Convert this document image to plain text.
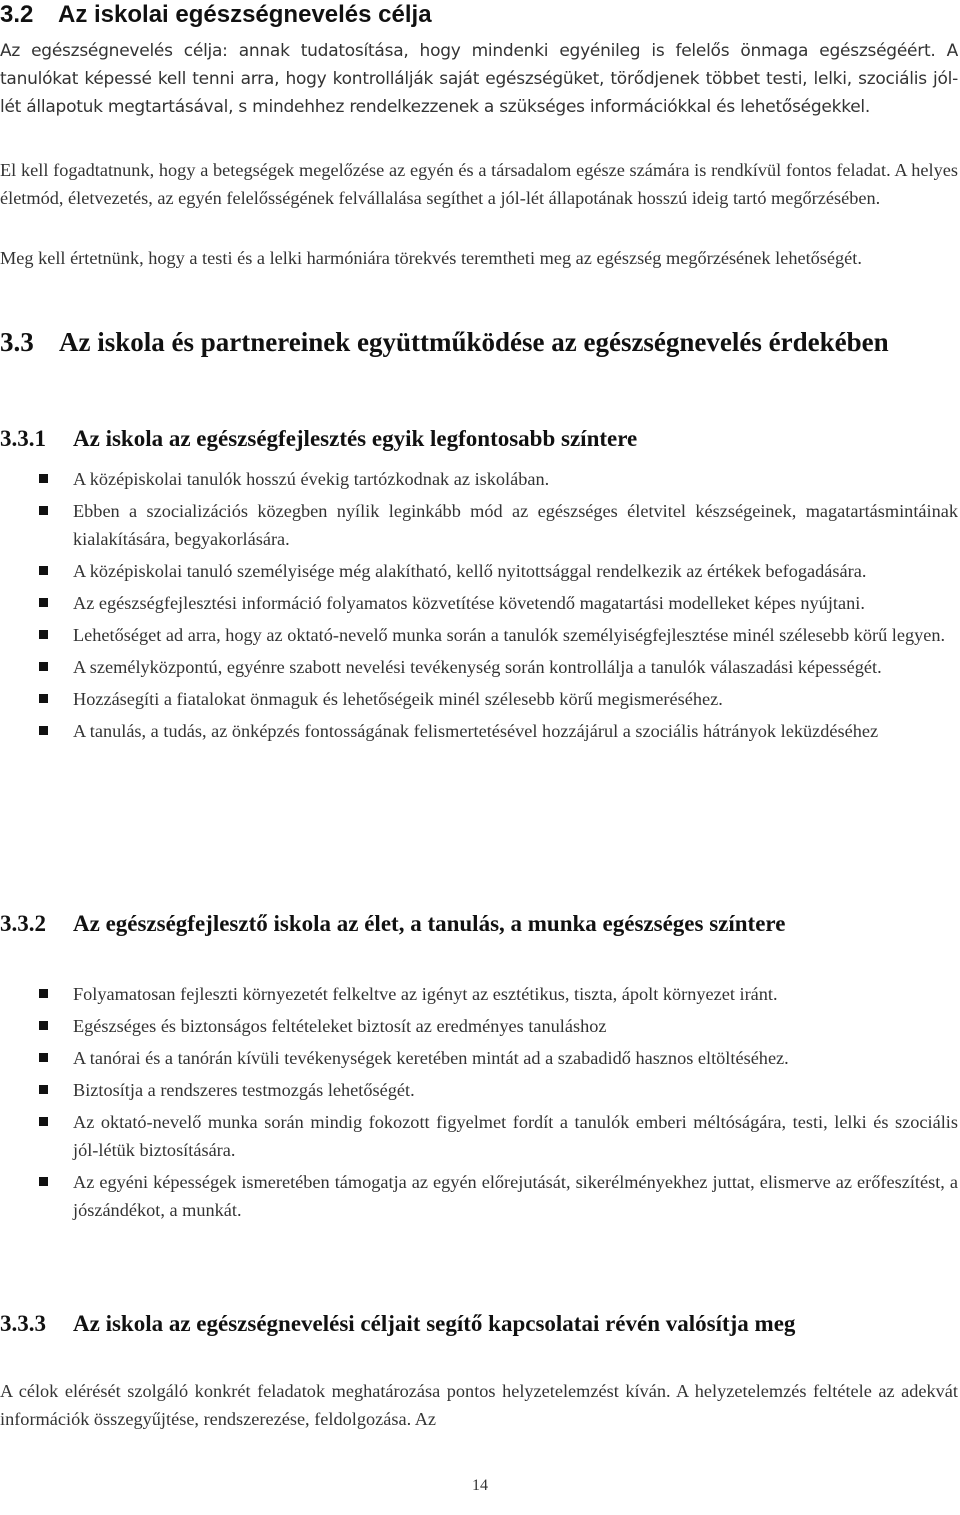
3.2 Az iskolai egészségnevelés célja

Az egészségnevelés célja: annak tudatosítása, hogy mindenki egyénileg is felelős önmaga egészségéért. A tanulókat képessé kell tenni arra, hogy kontrollálják saját egészségüket, törődjenek többet testi, lelki, szociális jól-lét állapotuk megtartásával, s mindehhez rendelkezzenek a szükséges információkkal és lehetőségekkel.

El kell fogadtatnunk, hogy a betegségek megelőzése az egyén és a társadalom egésze számára is rendkívül fontos feladat. A helyes életmód, életvezetés, az egyén felelősségének felvállalása segíthet a jól-lét állapotának hosszú ideig tartó megőrzésében.

Meg kell értetnünk, hogy a testi és a lelki harmóniára törekvés teremtheti meg az egészség megőrzésének lehetőségét.

3.3 Az iskola és partnereinek együttműködése az egészségnevelés érdekében
3.3.1 Az iskola az egészségfejlesztés egyik legfontosabb színtere
A középiskolai tanulók hosszú évekig tartózkodnak az iskolában.
Ebben a szocializációs közegben nyílik leginkább mód az egészséges életvitel készségeinek, magatartásmintáinak kialakítására, begyakorlására.
A középiskolai tanuló személyisége még alakítható, kellő nyitottsággal rendelkezik az értékek befogadására.
Az egészségfejlesztési információ folyamatos közvetítése követendő magatartási modelleket képes nyújtani.
Lehetőséget ad arra, hogy az oktató-nevelő munka során a tanulók személyiségfejlesztése minél szélesebb körű legyen.
A személyközpontú, egyénre szabott nevelési tevékenység során kontrollálja a tanulók válaszadási képességét.
Hozzásegíti a fiatalokat önmaguk és lehetőségeik minél szélesebb körű megismeréséhez.
A tanulás, a tudás, az önképzés fontosságának felismertetésével hozzájárul a szociális hátrányok leküzdéséhez
3.3.2 Az egészségfejlesztő iskola az élet, a tanulás, a munka egészséges színtere
Folyamatosan fejleszti környezetét felkeltve az igényt az esztétikus, tiszta, ápolt környezet iránt.
Egészséges és biztonságos feltételeket biztosít az eredményes tanuláshoz
A tanórai és a tanórán kívüli tevékenységek keretében mintát ad a szabadidő hasznos eltöltéséhez.
Biztosítja a rendszeres testmozgás lehetőségét.
Az oktató-nevelő munka során mindig fokozott figyelmet fordít a tanulók emberi méltóságára, testi, lelki és szociális jól-létük biztosítására.
Az egyéni képességek ismeretében támogatja az egyén előrejutását, sikerélményekhez juttat, elismerve az erőfeszítést, a jószándékot, a munkát.
3.3.3 Az iskola az egészségnevelési céljait segítő kapcsolatai révén valósítja meg

A célok elérését szolgáló konkrét feladatok meghatározása pontos helyzetelemzést kíván. A helyzetelemzés feltétele az adekvát információk összegyűjtése, rendszerezése, feldolgozása. Az

14
